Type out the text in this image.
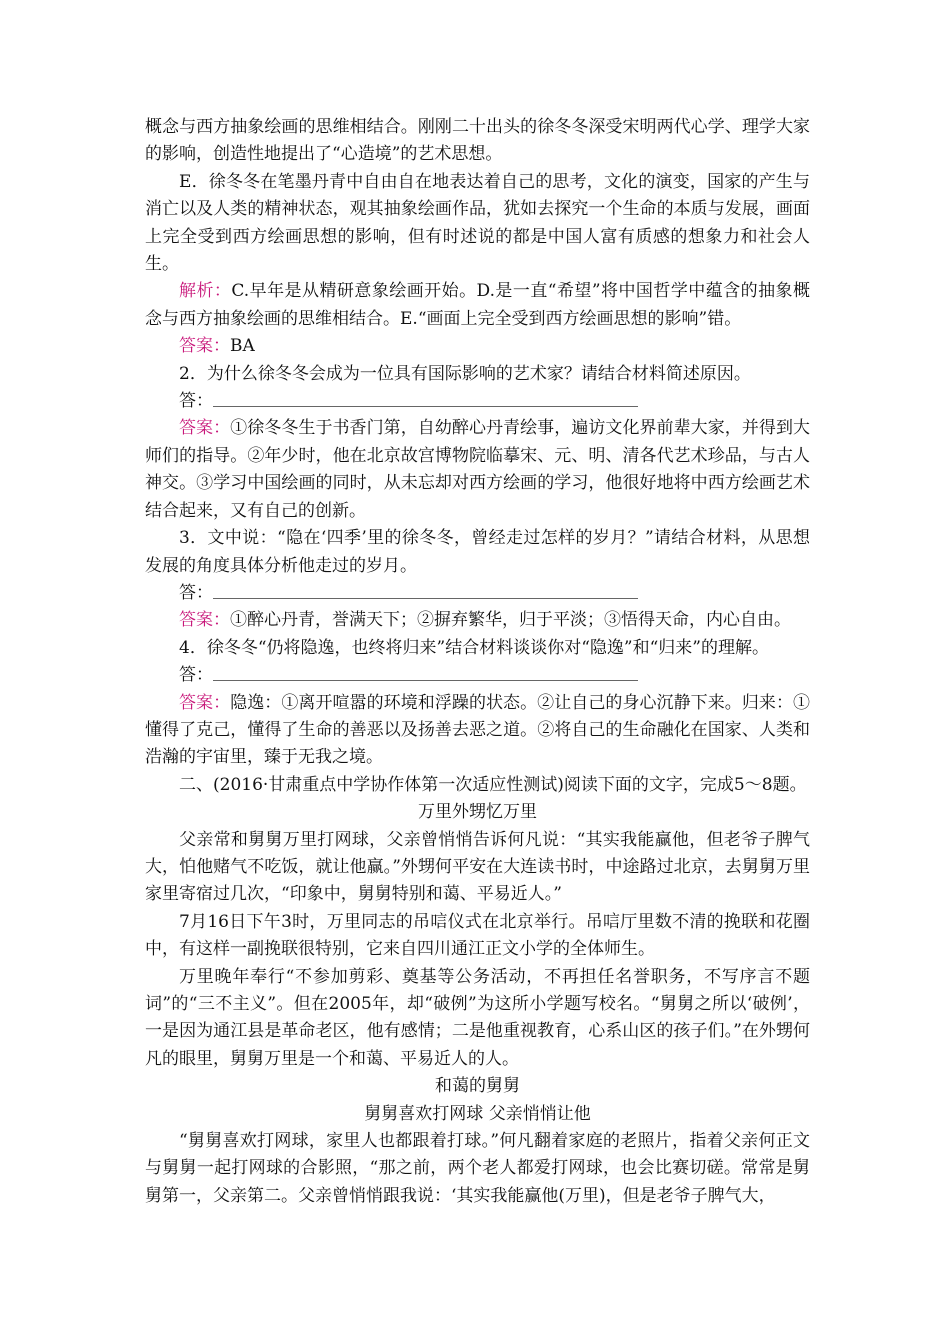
概念与西方抽象绘画的思维相结合。刚刚二十出头的徐冬冬深受宋明两代心学、理学大家的影响，创造性地提出了“心造境”的艺术思想。

E．徐冬冬在笔墨丹青中自由自在地表达着自己的思考，文化的演变，国家的产生与消亡以及人类的精神状态，观其抽象绘画作品，犹如去探究一个生命的本质与发展，画面上完全受到西方绘画思想的影响，但有时述说的都是中国人富有质感的想象力和社会人生。

解析：C.早年是从精研意象绘画开始。D.是一直“希望”将中国哲学中蕴含的抽象概念与西方抽象绘画的思维相结合。E.“画面上完全受到西方绘画思想的影响”错。

答案：BA

2．为什么徐冬冬会成为一位具有国际影响的艺术家？请结合材料简述原因。

答：

答案：①徐冬冬生于书香门第，自幼醉心丹青绘事，遍访文化界前辈大家，并得到大师们的指导。②年少时，他在北京故宫博物院临摹宋、元、明、清各代艺术珍品，与古人神交。③学习中国绘画的同时，从未忘却对西方绘画的学习，他很好地将中西方绘画艺术结合起来，又有自己的创新。

3．文中说：“隐在‘四季’里的徐冬冬，曾经走过怎样的岁月？”请结合材料，从思想发展的角度具体分析他走过的岁月。

答：

答案：①醉心丹青，誉满天下；②摒弃繁华，归于平淡；③悟得天命，内心自由。

4．徐冬冬“仍将隐逸，也终将归来”结合材料谈谈你对“隐逸”和“归来”的理解。

答：

答案：隐逸：①离开喧嚣的环境和浮躁的状态。②让自己的身心沉静下来。归来：①懂得了克己，懂得了生命的善恶以及扬善去恶之道。②将自己的生命融化在国家、人类和浩瀚的宇宙里，臻于无我之境。

二、(2016·甘肃重点中学协作体第一次适应性测试)阅读下面的文字，完成5～8题。

万里外甥忆万里

父亲常和舅舅万里打网球，父亲曾悄悄告诉何凡说：“其实我能赢他，但老爷子脾气大，怕他赌气不吃饭，就让他赢。”外甥何平安在大连读书时，中途路过北京，去舅舅万里家里寄宿过几次，“印象中，舅舅特别和蔼、平易近人。”

7月16日下午3时，万里同志的吊唁仪式在北京举行。吊唁厅里数不清的挽联和花圈中，有这样一副挽联很特别，它来自四川通江正文小学的全体师生。

万里晚年奉行“不参加剪彩、奠基等公务活动，不再担任名誉职务，不写序言不题词”的“三不主义”。但在2005年，却“破例”为这所小学题写校名。“舅舅之所以‘破例’，一是因为通江县是革命老区，他有感情；二是他重视教育，心系山区的孩子们。”在外甥何凡的眼里，舅舅万里是一个和蔼、平易近人的人。

和蔼的舅舅

舅舅喜欢打网球 父亲悄悄让他

“舅舅喜欢打网球，家里人也都跟着打球。”何凡翻着家庭的老照片，指着父亲何正文与舅舅一起打网球的合影照，“那之前，两个老人都爱打网球，也会比赛切磋。常常是舅舅第一，父亲第二。父亲曾悄悄跟我说：‘其实我能赢他(万里)，但是老爷子脾气大，
